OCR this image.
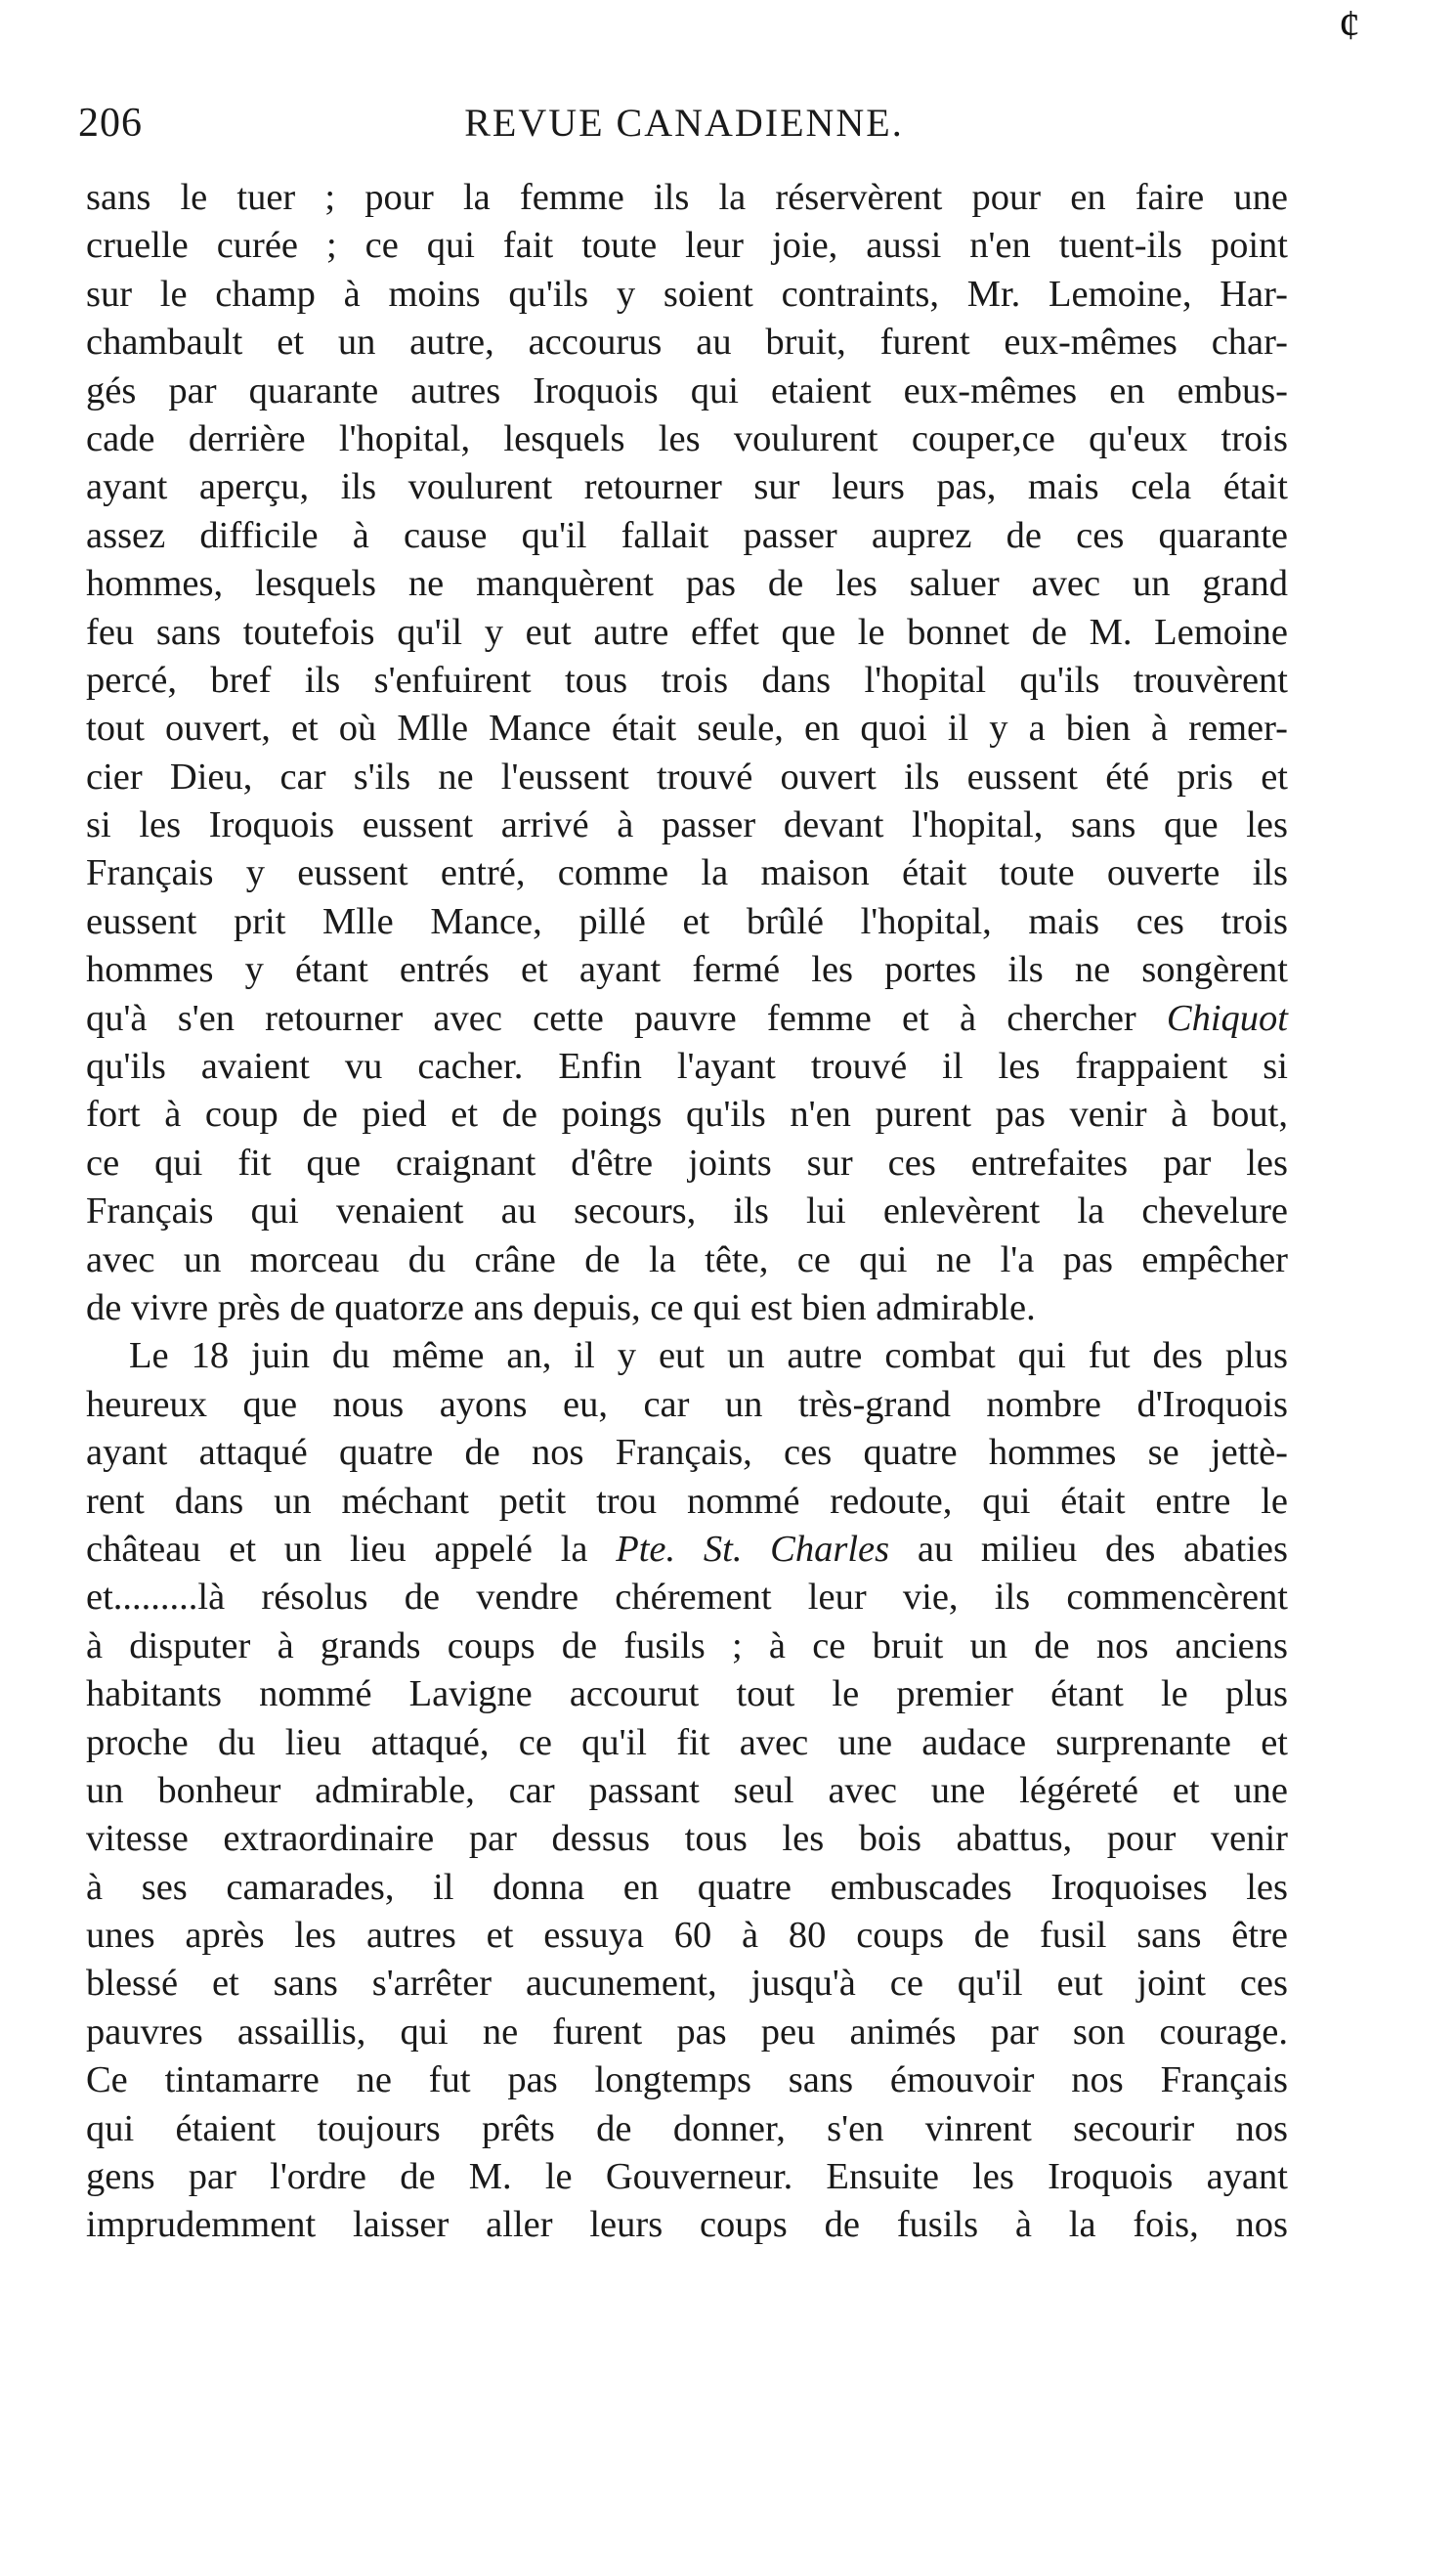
¢
206	REVUE CANADIENNE.
sans le tuer ; pour la femme ils la réservèrent pour en faire une
cruelle curée ; ce qui fait toute leur joie, aussi n'en tuent-ils point
sur le champ à moins qu'ils y soient contraints, Mr. Lemoine, Har-
chambault et un autre, accourus au bruit, furent eux-mêmes char-
gés par quarante autres Iroquois qui etaient eux-mêmes en embus-
cade derrière l'hopital, lesquels les voulurent couper,ce qu'eux trois
ayant aperçu, ils voulurent retourner sur leurs pas, mais cela était
assez difficile à cause qu'il fallait passer auprez de ces quarante
hommes, lesquels ne manquèrent pas de les saluer avec un grand
feu sans toutefois qu'il y eut autre effet que le bonnet de M. Lemoine
percé, bref ils s'enfuirent tous trois dans l'hopital qu'ils trouvèrent
tout ouvert, et où Mlle Mance était seule, en quoi il y a bien à remer-
cier Dieu, car s'ils ne l'eussent trouvé ouvert ils eussent été pris et
si les Iroquois eussent arrivé à passer devant l'hopital, sans que les
Français y eussent entré, comme la maison était toute ouverte ils
eussent prit Mlle Mance, pillé et brûlé l'hopital, mais ces trois
hommes y étant entrés et ayant fermé les portes ils ne songèrent
qu'à s'en retourner avec cette pauvre femme et à chercher Chiquot
qu'ils avaient vu cacher. Enfin l'ayant trouvé il les frappaient si
fort à coup de pied et de poings qu'ils n'en purent pas venir à bout,
ce qui fit que craignant d'être joints sur ces entrefaites par les
Français qui venaient au secours, ils lui enlevèrent la chevelure
avec un morceau du crâne de la tête, ce qui ne l'a pas empêcher
de vivre près de quatorze ans depuis, ce qui est bien admirable.
Le 18 juin du même an, il y eut un autre combat qui fut des plus
heureux que nous ayons eu, car un très-grand nombre d'Iroquois
ayant attaqué quatre de nos Français, ces quatre hommes se jettè-
rent dans un méchant petit trou nommé redoute, qui était entre le
château et un lieu appelé la Pte. St. Charles au milieu des abaties
et.........là résolus de vendre chérement leur vie, ils commencèrent
à disputer à grands coups de fusils ; à ce bruit un de nos anciens
habitants nommé Lavigne accourut tout le premier étant le plus
proche du lieu attaqué, ce qu'il fit avec une audace surprenante et
un bonheur admirable, car passant seul avec une légéreté et une
vitesse extraordinaire par dessus tous les bois abattus, pour venir
à ses camarades, il donna en quatre embuscades Iroquoises les
unes après les autres et essuya 60 à 80 coups de fusil sans être
blessé et sans s'arrêter aucunement, jusqu'à ce qu'il eut joint ces
pauvres assaillis, qui ne furent pas peu animés par son courage.
Ce tintamarre ne fut pas longtemps sans émouvoir nos Français
qui étaient toujours prêts de donner, s'en vinrent secourir nos
gens par l'ordre de M. le Gouverneur. Ensuite les Iroquois ayant
imprudemment laisser aller leurs coups de fusils à la fois, nos
